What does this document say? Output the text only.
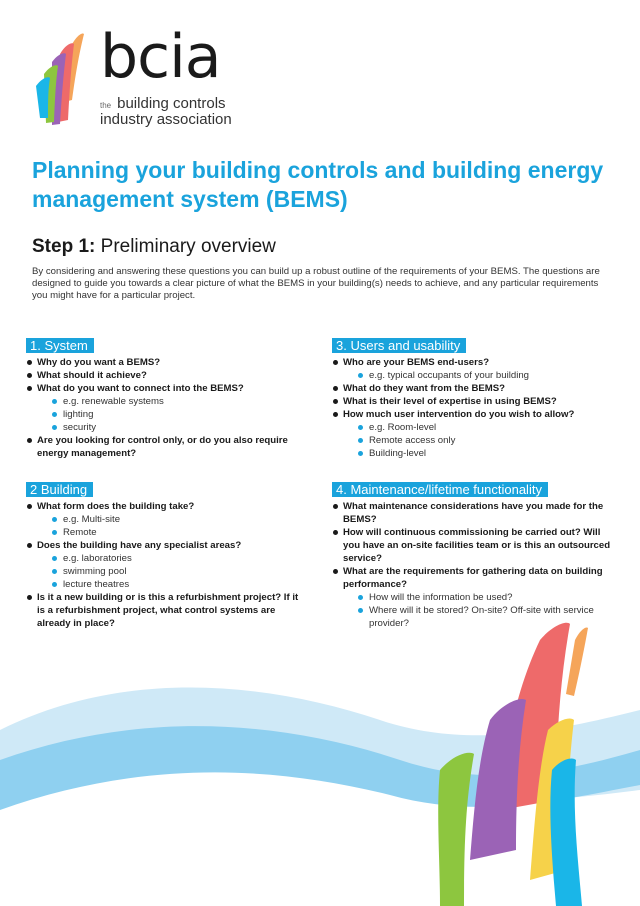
bcia
the building controls
industry association
Planning your building controls and building energy management system (BEMS)
Step 1: Preliminary overview

By considering and answering these questions you can build up a robust outline of the requirements of your BEMS. The questions are designed to guide you towards a clear picture of what the BEMS in your building(s) needs to achieve, and any particular requirements you might have for a particular project.

1. System
Why do you want a BEMS?
What should it achieve?
What do you want to connect into the BEMS?
e.g. renewable systems
lighting
security
Are you looking for control only, or do you also require energy management?
2 Building
What form does the building take?
e.g. Multi-site
Remote
Does the building have any specialist areas?
e.g. laboratories
swimming pool
lecture theatres
Is it a new building or is this a refurbishment project? If it is a refurbishment project, what control systems are already in place?
3. Users and usability
Who are your BEMS end-users?
e.g. typical occupants of your building
What do they want from the BEMS?
What is their level of expertise in using BEMS?
How much user intervention do you wish to allow?
e.g. Room-level
Remote access only
Building-level
4. Maintenance/lifetime functionality
What maintenance considerations have you made for the BEMS?
How will continuous commissioning be carried out? Will you have an on-site facilities team or is this an outsourced service?
What are the requirements for gathering data on building performance?
How will the information be used?
Where will it be stored? On-site? Off-site with service provider?
